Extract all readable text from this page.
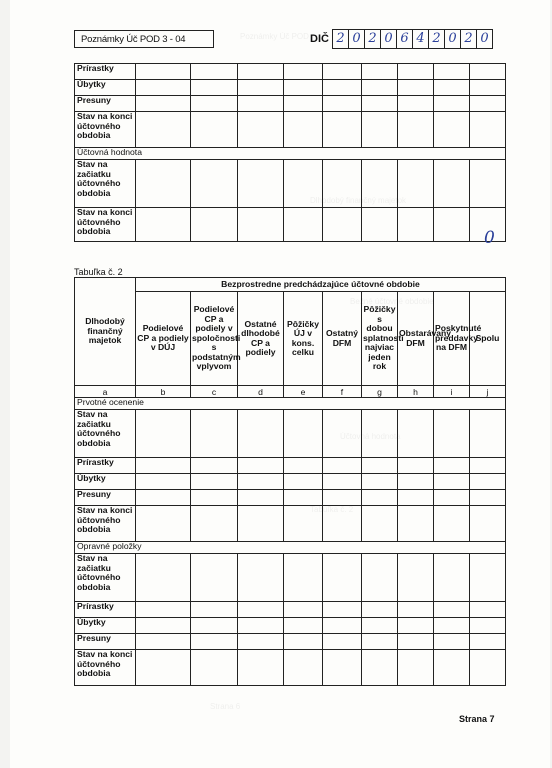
Poznámky Úč POD
Dlhodobý finančný majetok
Bežné účtovné obdobie
Účtovná hodnota
Tabuľka č. 2
Strana 6
Poznámky Úč POD 3 - 04	DIČ 2 0 2 0 6 4 2 0 2 0
Prírastky									
Úbytky									
Presuny									
Stav na konci účtovného obdobia									
Účtovná hodnota									
Stav na začiatku účtovného obdobia									
Stav na konci účtovného obdobia										0
Tabuľka č. 2
Dlhodobý finančný majetok	Bezprostredne predchádzajúce účtovné obdobie								
	Podielové CP a podiely v DÚJ	Podielové CP a podiely v spoločnosti s podstatným vplyvom	Ostatné dlhodobé CP a podiely	Pôžičky ÚJ v kons. celku	Ostatný DFM	Pôžičky s dobou splatnosti najviac jeden rok	Obstarávaný DFM	Poskytnuté preddavky na DFM	Spolu
a	b	c	d	e	f	g	h	i	j
Prvotné ocenenie									
Stav na začiatku účtovného obdobia									
Prírastky									
Úbytky									
Presuny									
Stav na konci účtovného obdobia									
Opravné položky									
Stav na začiatku účtovného obdobia									
Prírastky									
Úbytky									
Presuny									
Stav na konci účtovného obdobia									
Strana 7
